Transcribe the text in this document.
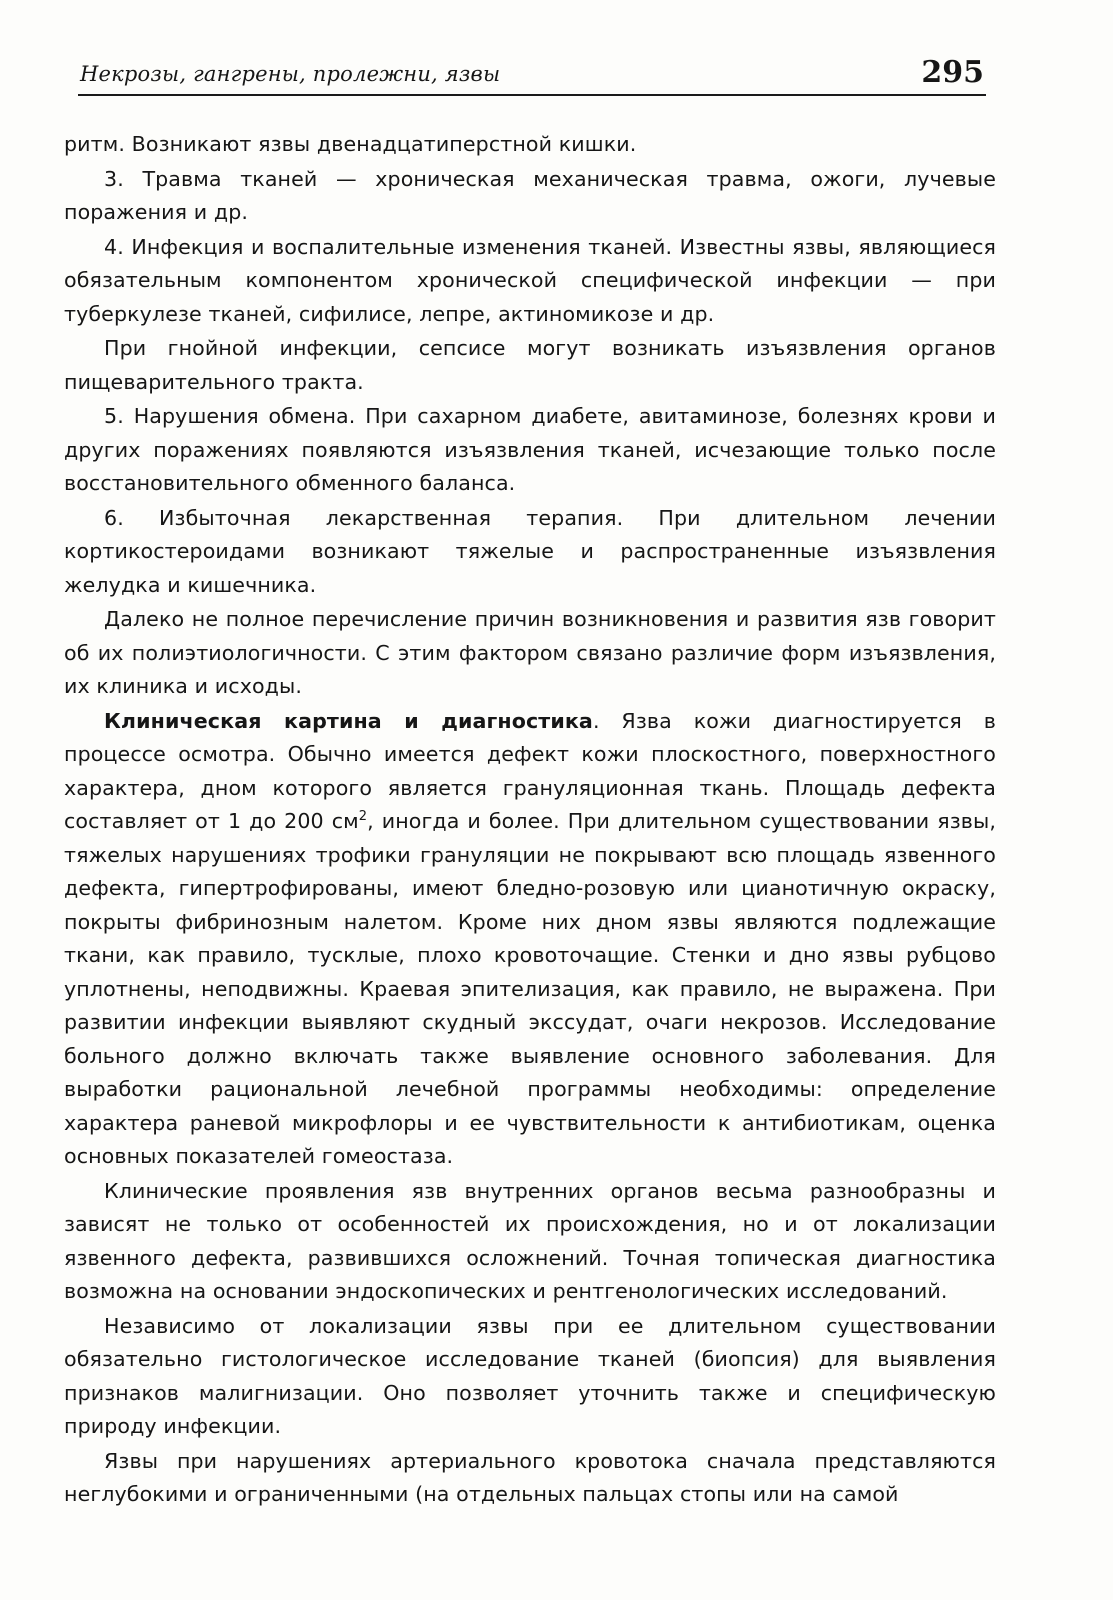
Некрозы, гангрены, пролежни, язвы	295

ритм. Возникают язвы двенадцатиперстной кишки.

3. Травма тканей — хроническая механическая травма, ожоги, лучевые поражения и др.

4. Инфекция и воспалительные изменения тканей. Известны язвы, являющиеся обязательным компонентом хронической специфической инфекции — при туберкулезе тканей, сифилисе, лепре, актиномикозе и др.

При гнойной инфекции, сепсисе могут возникать изъязвления органов пищеварительного тракта.

5. Нарушения обмена. При сахарном диабете, авитаминозе, болезнях крови и других поражениях появляются изъязвления тканей, исчезающие только после восстановительного обменного баланса.

6. Избыточная лекарственная терапия. При длительном лечении кортикостероидами возникают тяжелые и распространенные изъязвления желудка и кишечника.

Далеко не полное перечисление причин возникновения и развития язв говорит об их полиэтиологичности. С этим фактором связано различие форм изъязвления, их клиника и исходы.

Клиническая картина и диагностика. Язва кожи диагностируется в процессе осмотра. Обычно имеется дефект кожи плоскостного, поверхностного характера, дном которого является грануляционная ткань. Площадь дефекта составляет от 1 до 200 $см^2$, иногда и более. При длительном существовании язвы, тяжелых нарушениях трофики грануляции не покрывают всю площадь язвенного дефекта, гипертрофированы, имеют бледно-розовую или цианотичную окраску, покрыты фибринозным налетом. Кроме них дном язвы являются подлежащие ткани, как правило, тусклые, плохо кровоточащие. Стенки и дно язвы рубцово уплотнены, неподвижны. Краевая эпителизация, как правило, не выражена. При развитии инфекции выявляют скудный экссудат, очаги некрозов. Исследование больного должно включать также выявление основного заболевания. Для выработки рациональной лечебной программы необходимы: определение характера раневой микрофлоры и ее чувствительности к антибиотикам, оценка основных показателей гомеостаза.

Клинические проявления язв внутренних органов весьма разнообразны и зависят не только от особенностей их происхождения, но и от локализации язвенного дефекта, развившихся осложнений. Точная топическая диагностика возможна на основании эндоскопических и рентгенологических исследований.

Независимо от локализации язвы при ее длительном существовании обязательно гистологическое исследование тканей (биопсия) для выявления признаков малигнизации. Оно позволяет уточнить также и специфическую природу инфекции.

Язвы при нарушениях артериального кровотока сначала представляются неглубокими и ограниченными (на отдельных пальцах стопы или на самой
